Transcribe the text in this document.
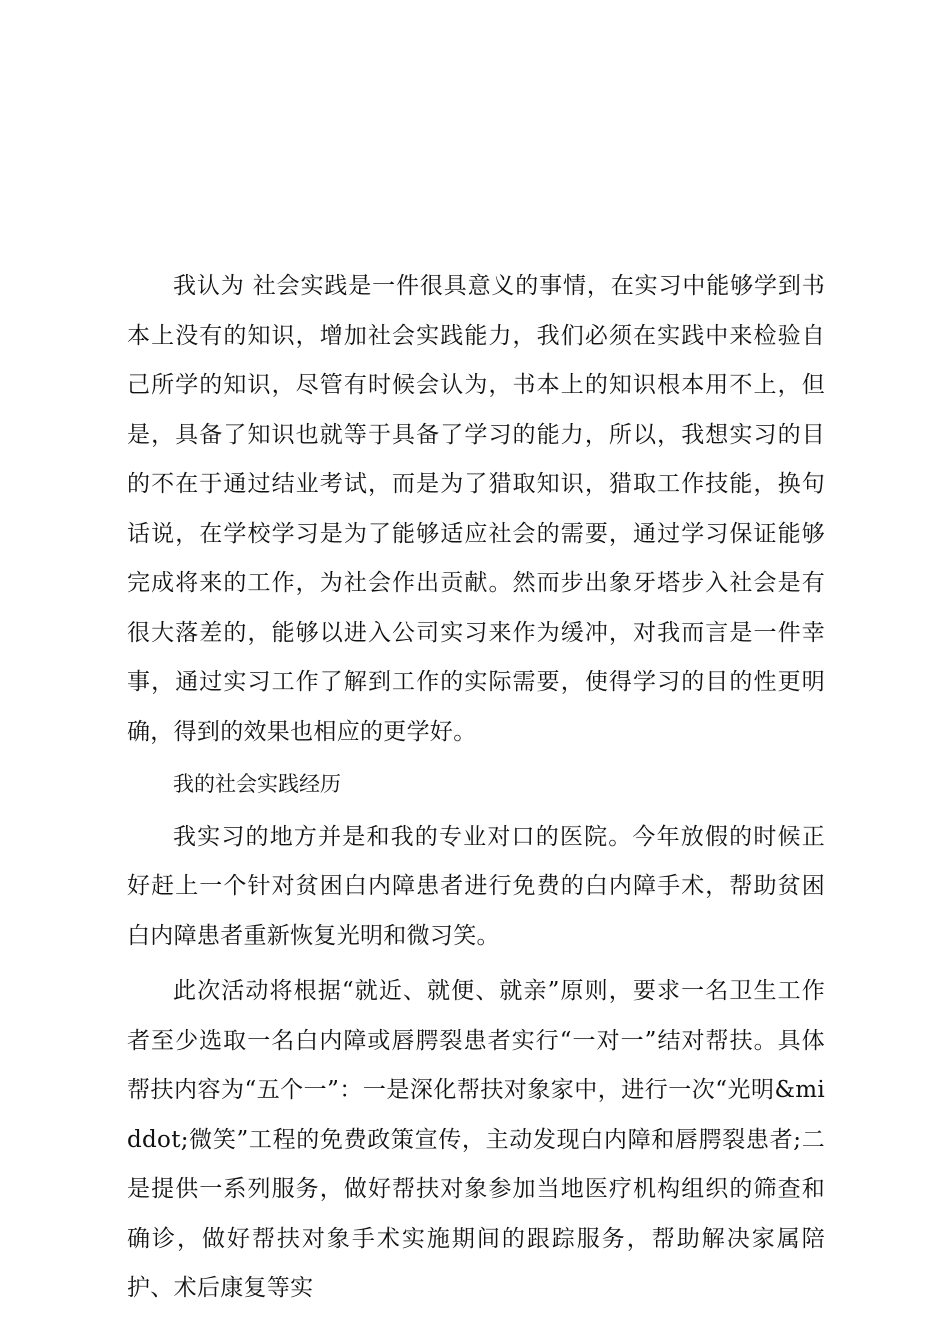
我认为 社会实践是一件很具意义的事情，在实习中能够学到书本上没有的知识，增加社会实践能力，我们必须在实践中来检验自己所学的知识，尽管有时候会认为，书本上的知识根本用不上，但是，具备了知识也就等于具备了学习的能力，所以，我想实习的目的不在于通过结业考试，而是为了猎取知识，猎取工作技能，换句话说，在学校学习是为了能够适应社会的需要，通过学习保证能够完成将来的工作，为社会作出贡献。然而步出象牙塔步入社会是有很大落差的，能够以进入公司实习来作为缓冲，对我而言是一件幸事，通过实习工作了解到工作的实际需要，使得学习的目的性更明确，得到的效果也相应的更学好。

我的社会实践经历

我实习的地方并是和我的专业对口的医院。今年放假的时候正好赶上一个针对贫困白内障患者进行免费的白内障手术，帮助贫困白内障患者重新恢复光明和微习笑。

此次活动将根据“就近、就便、就亲”原则，要求一名卫生工作者至少选取一名白内障或唇腭裂患者实行“一对一”结对帮扶。具体帮扶内容为“五个一”：一是深化帮扶对象家中，进行一次“光明&middot;微笑”工程的免费政策宣传，主动发现白内障和唇腭裂患者;二是提供一系列服务，做好帮扶对象参加当地医疗机构组织的筛查和确诊，做好帮扶对象手术实施期间的跟踪服务，帮助解决家属陪护、术后康复等实
